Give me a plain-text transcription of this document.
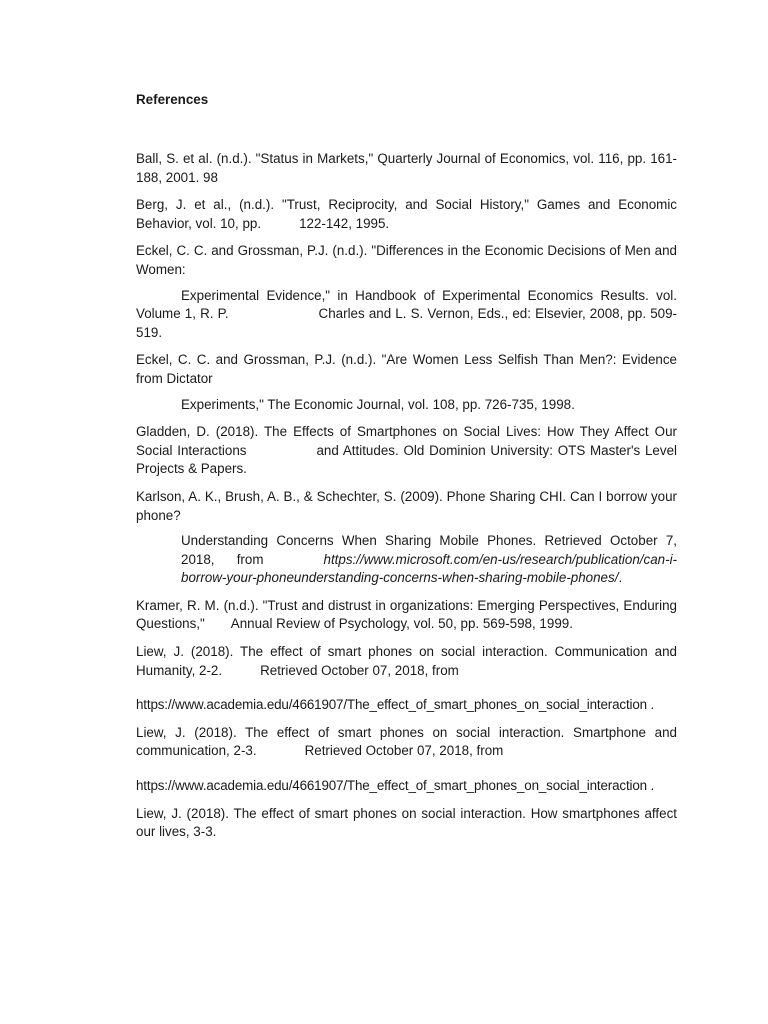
References

Ball, S. et al. (n.d.). "Status in Markets," Quarterly Journal of Economics, vol. 116, pp. 161-188, 2001. 98

Berg, J. et al., (n.d.). "Trust, Reciprocity, and Social History," Games and Economic Behavior, vol. 10, pp.	122-142, 1995.

Eckel, C. C. and Grossman, P.J. (n.d.). "Differences in the Economic Decisions of Men and Women:

Experimental Evidence," in Handbook of Experimental Economics Results. vol. Volume 1, R. P.	Charles and L. S. Vernon, Eds., ed: Elsevier, 2008, pp. 509-519.

Eckel, C. C. and Grossman, P.J. (n.d.). "Are Women Less Selfish Than Men?: Evidence from Dictator

Experiments," The Economic Journal, vol. 108, pp. 726-735, 1998.

Gladden, D. (2018). The Effects of Smartphones on Social Lives: How They Affect Our Social Interactions	and Attitudes. Old Dominion University: OTS Master's Level Projects & Papers.

Karlson, A. K., Brush, A. B., & Schechter, S. (2009). Phone Sharing CHI. Can I borrow your phone?

Understanding Concerns When Sharing Mobile Phones. Retrieved October 7, 2018, from	https://www.microsoft.com/en-us/research/publication/can-i-borrow-your-phoneunderstanding-concerns-when-sharing-mobile-phones/.

Kramer, R. M. (n.d.). "Trust and distrust in organizations: Emerging Perspectives, Enduring Questions," Annual Review of Psychology, vol. 50, pp. 569-598, 1999.

Liew, J. (2018). The effect of smart phones on social interaction. Communication and Humanity, 2-2.	Retrieved October 07, 2018, from

https://www.academia.edu/4661907/The_effect_of_smart_phones_on_social_interaction .

Liew, J. (2018). The effect of smart phones on social interaction. Smartphone and communication, 2-3.	Retrieved October 07, 2018, from

https://www.academia.edu/4661907/The_effect_of_smart_phones_on_social_interaction .

Liew, J. (2018). The effect of smart phones on social interaction. How smartphones affect our lives, 3-3.
